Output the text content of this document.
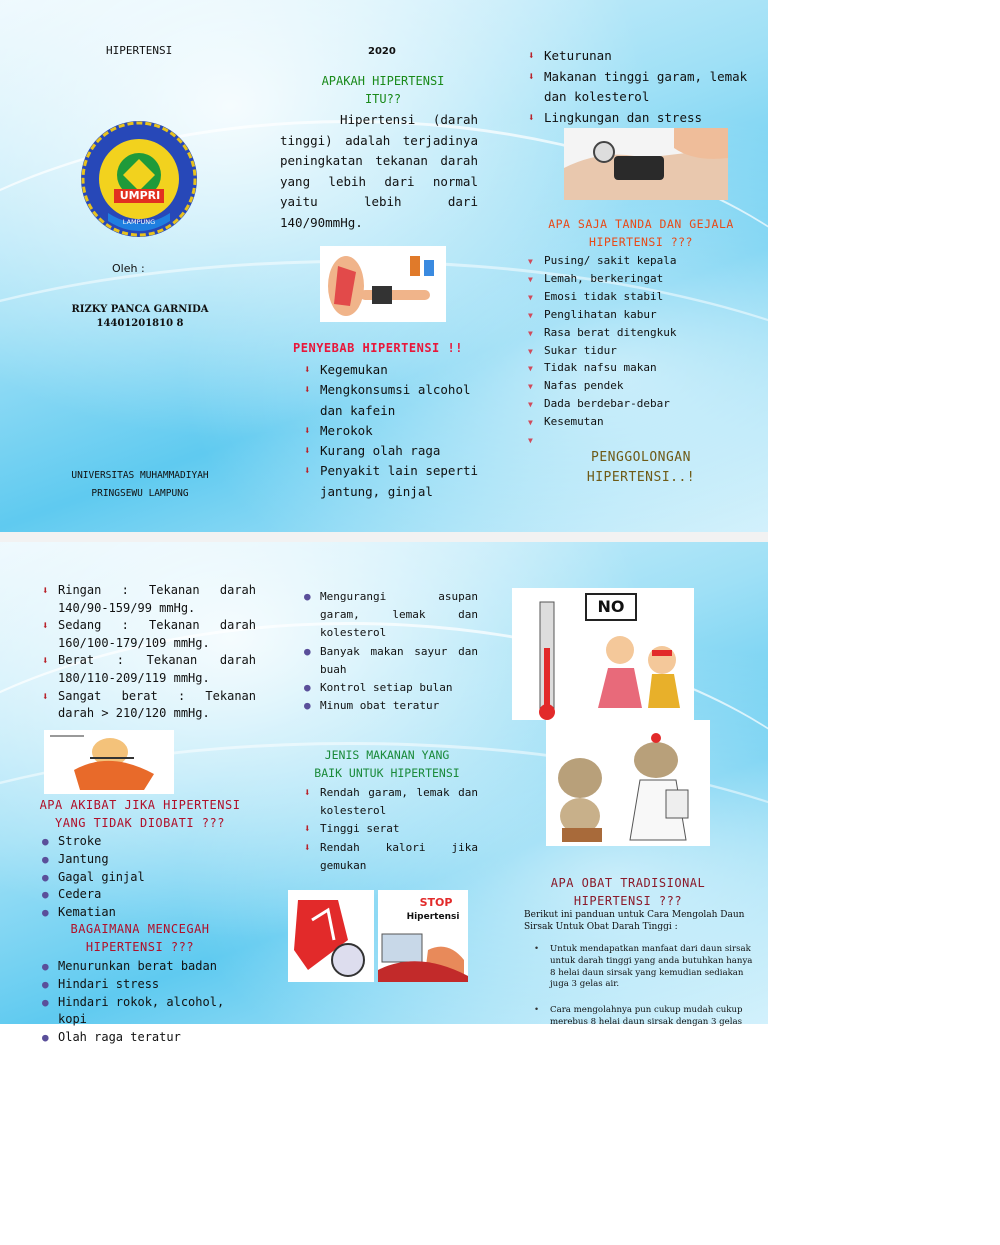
HIPERTENSI
UMPRI
LAMPUNG
Oleh :
RIZKY PANCA GARNIDA
14401201810 8
UNIVERSITAS MUHAMMADIYAH
PRINGSEWU LAMPUNG
2020
APAKAH HIPERTENSI
ITU??
Hipertensi (darah tinggi) adalah terjadinya peningkatan tekanan darah yang lebih dari normal yaitu lebih dari 140/90mmHg.
PENYEBAB HIPERTENSI !!
⬇ Kegemukan
⬇ Mengkonsumsi alcohol dan kafein
⬇ Merokok
⬇ Kurang olah raga
⬇ Penyakit lain seperti jantung, ginjal
⬇ Keturunan
⬇ Makanan tinggi garam, lemak dan kolesterol
⬇ Lingkungan dan stress
APA SAJA TANDA DAN GEJALA
HIPERTENSI ???
▼ Pusing/ sakit kepala
▼ Lemah, berkeringat
▼ Emosi tidak stabil
▼ Penglihatan kabur
▼ Rasa berat ditengkuk
▼ Sukar tidur
▼ Tidak nafsu makan
▼ Nafas pendek
▼ Dada berdebar-debar
▼ Kesemutan
▼
PENGGOLONGAN
HIPERTENSI..!
⬇ Ringan : Tekanan darah 140/90-159/99 mmHg.
⬇ Sedang : Tekanan darah 160/100-179/109 mmHg.
⬇ Berat : Tekanan darah 180/110-209/119 mmHg.
⬇ Sangat berat : Tekanan darah > 210/120 mmHg.
APA AKIBAT JIKA HIPERTENSI
YANG TIDAK DIOBATI ???
● Stroke
● Jantung
● Gagal ginjal
● Cedera
● Kematian
BAGAIMANA MENCEGAH
HIPERTENSI ???
● Menurunkan berat badan
● Hindari stress
● Hindari rokok, alcohol, kopi
● Olah raga teratur
● Mengurangi asupan garam, lemak dan kolesterol
● Banyak makan sayur dan buah
● Kontrol setiap bulan
● Minum obat teratur
JENIS MAKANAN YANG
BAIK UNTUK HIPERTENSI
⬇ Rendah garam, lemak dan kolesterol
⬇ Tinggi serat
⬇ Rendah kalori jika gemukan
STOP
Hipertensi
NO
APA OBAT TRADISIONAL
HIPERTENSI ???
Berikut ini panduan untuk Cara Mengolah Daun Sirsak Untuk Obat Darah Tinggi :
• Untuk mendapatkan manfaat dari daun sirsak untuk darah tinggi yang anda butuhkan hanya 8 helai daun sirsak yang kemudian sediakan juga 3 gelas air.
• Cara mengolahnya pun cukup mudah cukup merebus 8 helai daun sirsak dengan 3 gelas
